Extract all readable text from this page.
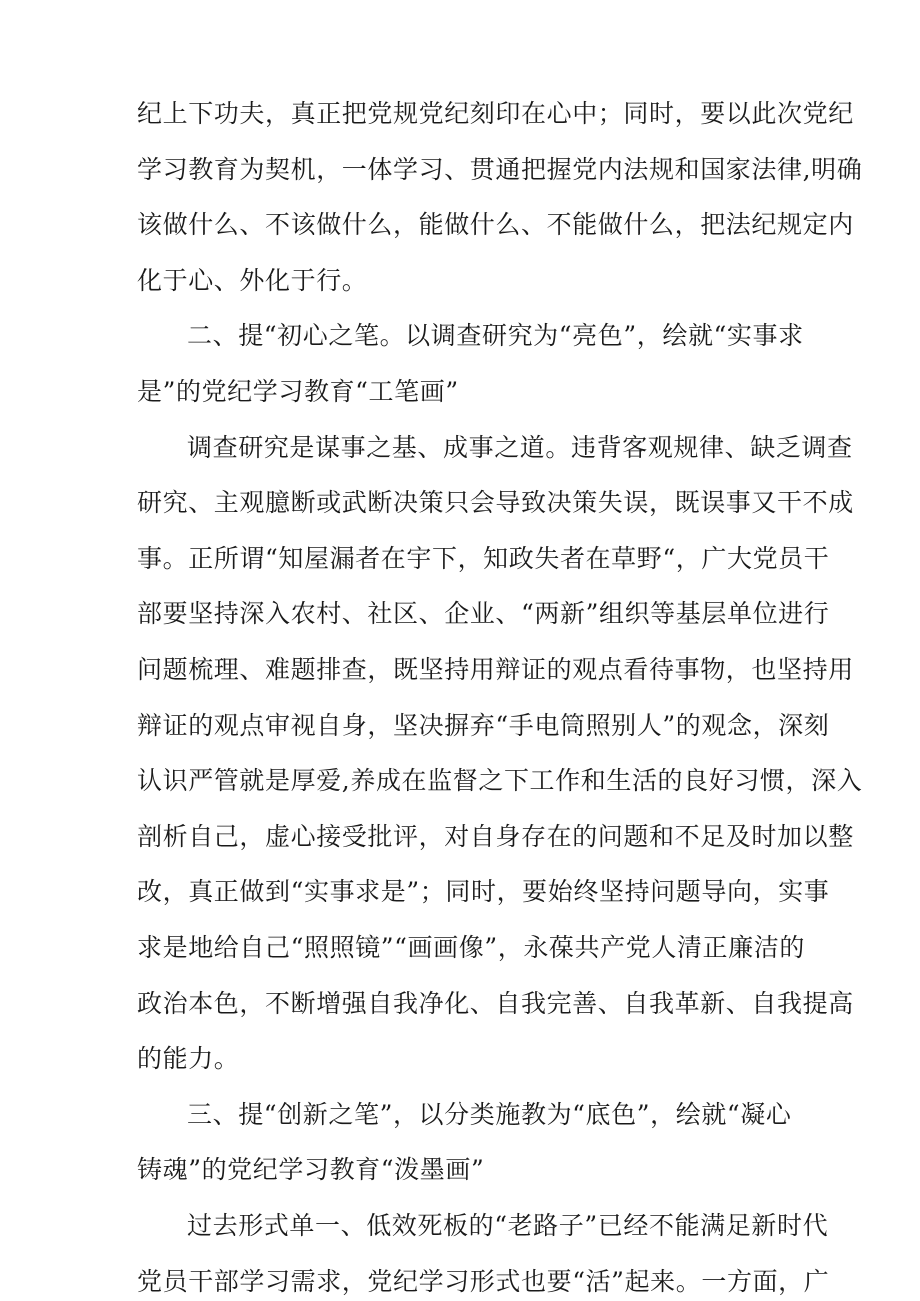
纪上下功夫，真正把党规党纪刻印在心中；同时，要以此次党纪
学习教育为契机，一体学习、贯通把握党内法规和国家法律,明确
该做什么、不该做什么，能做什么、不能做什么，把法纪规定内
化于心、外化于行。
二、提“初心之笔。以调查研究为“亮色”，绘就“实事求
是”的党纪学习教育“工笔画”
调查研究是谋事之基、成事之道。违背客观规律、缺乏调查
研究、主观臆断或武断决策只会导致决策失误，既误事又干不成
事。正所谓“知屋漏者在宇下，知政失者在草野“，广大党员干
部要坚持深入农村、社区、企业、“两新”组织等基层单位进行
问题梳理、难题排查，既坚持用辩证的观点看待事物，也坚持用
辩证的观点审视自身，坚决摒弃“手电筒照别人”的观念，深刻
认识严管就是厚爱,养成在监督之下工作和生活的良好习惯，深入
剖析自己，虚心接受批评，对自身存在的问题和不足及时加以整
改，真正做到“实事求是”；同时，要始终坚持问题导向，实事
求是地给自己“照照镜”“画画像”，永葆共产党人清正廉洁的
政治本色，不断增强自我净化、自我完善、自我革新、自我提高
的能力。
三、提“创新之笔”，以分类施教为“底色”，绘就“凝心
铸魂”的党纪学习教育“泼墨画”
过去形式单一、低效死板的“老路子”已经不能满足新时代
党员干部学习需求，党纪学习形式也要“活”起来。一方面，广
